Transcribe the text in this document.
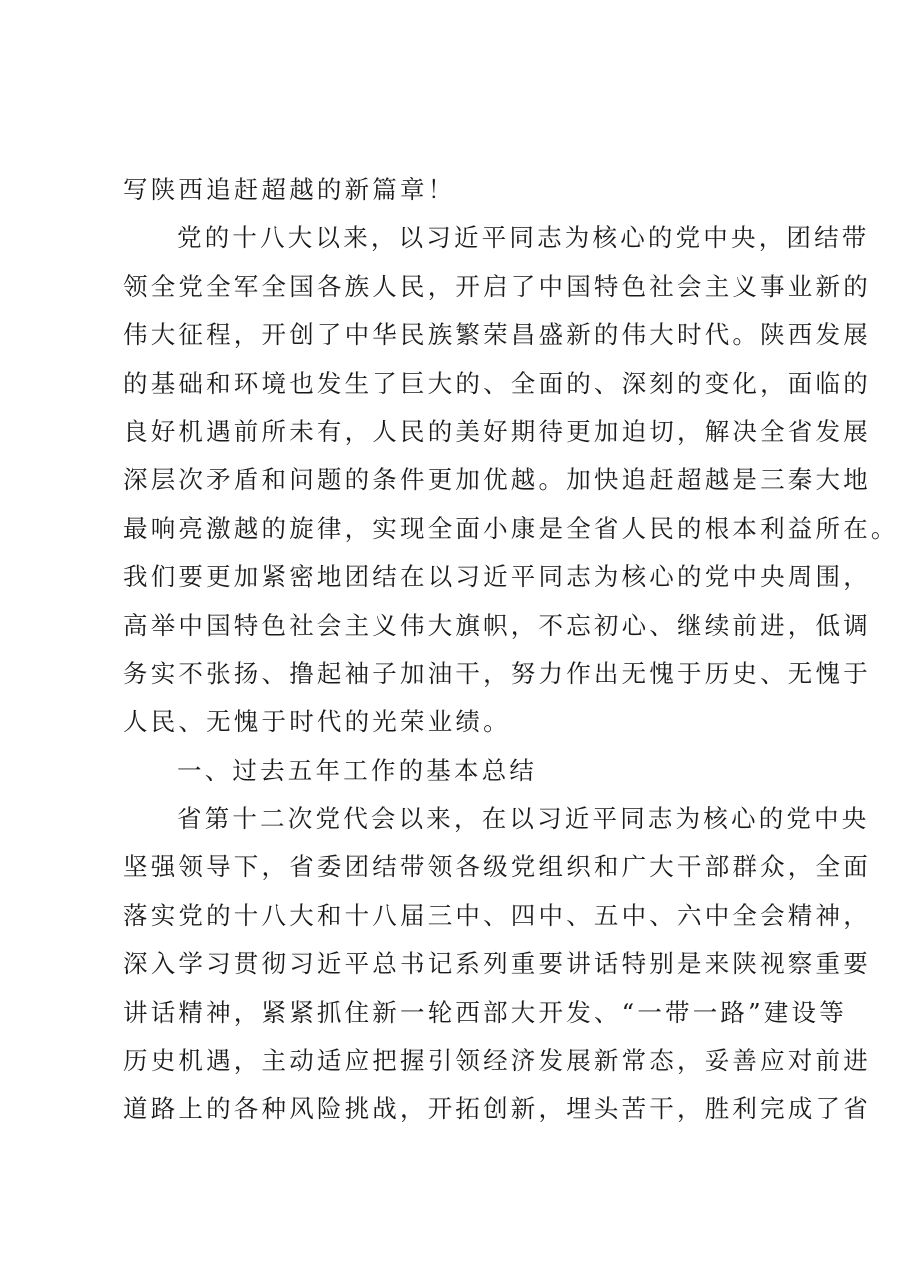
写陕西追赶超越的新篇章！
党的十八大以来，以习近平同志为核心的党中央，团结带
领全党全军全国各族人民，开启了中国特色社会主义事业新的
伟大征程，开创了中华民族繁荣昌盛新的伟大时代。陕西发展
的基础和环境也发生了巨大的、全面的、深刻的变化，面临的
良好机遇前所未有，人民的美好期待更加迫切，解决全省发展
深层次矛盾和问题的条件更加优越。加快追赶超越是三秦大地
最响亮激越的旋律，实现全面小康是全省人民的根本利益所在。
我们要更加紧密地团结在以习近平同志为核心的党中央周围，
高举中国特色社会主义伟大旗帜，不忘初心、继续前进，低调
务实不张扬、撸起袖子加油干，努力作出无愧于历史、无愧于
人民、无愧于时代的光荣业绩。
一、过去五年工作的基本总结
省第十二次党代会以来，在以习近平同志为核心的党中央
坚强领导下，省委团结带领各级党组织和广大干部群众，全面
落实党的十八大和十八届三中、四中、五中、六中全会精神，
深入学习贯彻习近平总书记系列重要讲话特别是来陕视察重要
讲话精神，紧紧抓住新一轮西部大开发、“一带一路”建设等
历史机遇，主动适应把握引领经济发展新常态，妥善应对前进
道路上的各种风险挑战，开拓创新，埋头苦干，胜利完成了省
